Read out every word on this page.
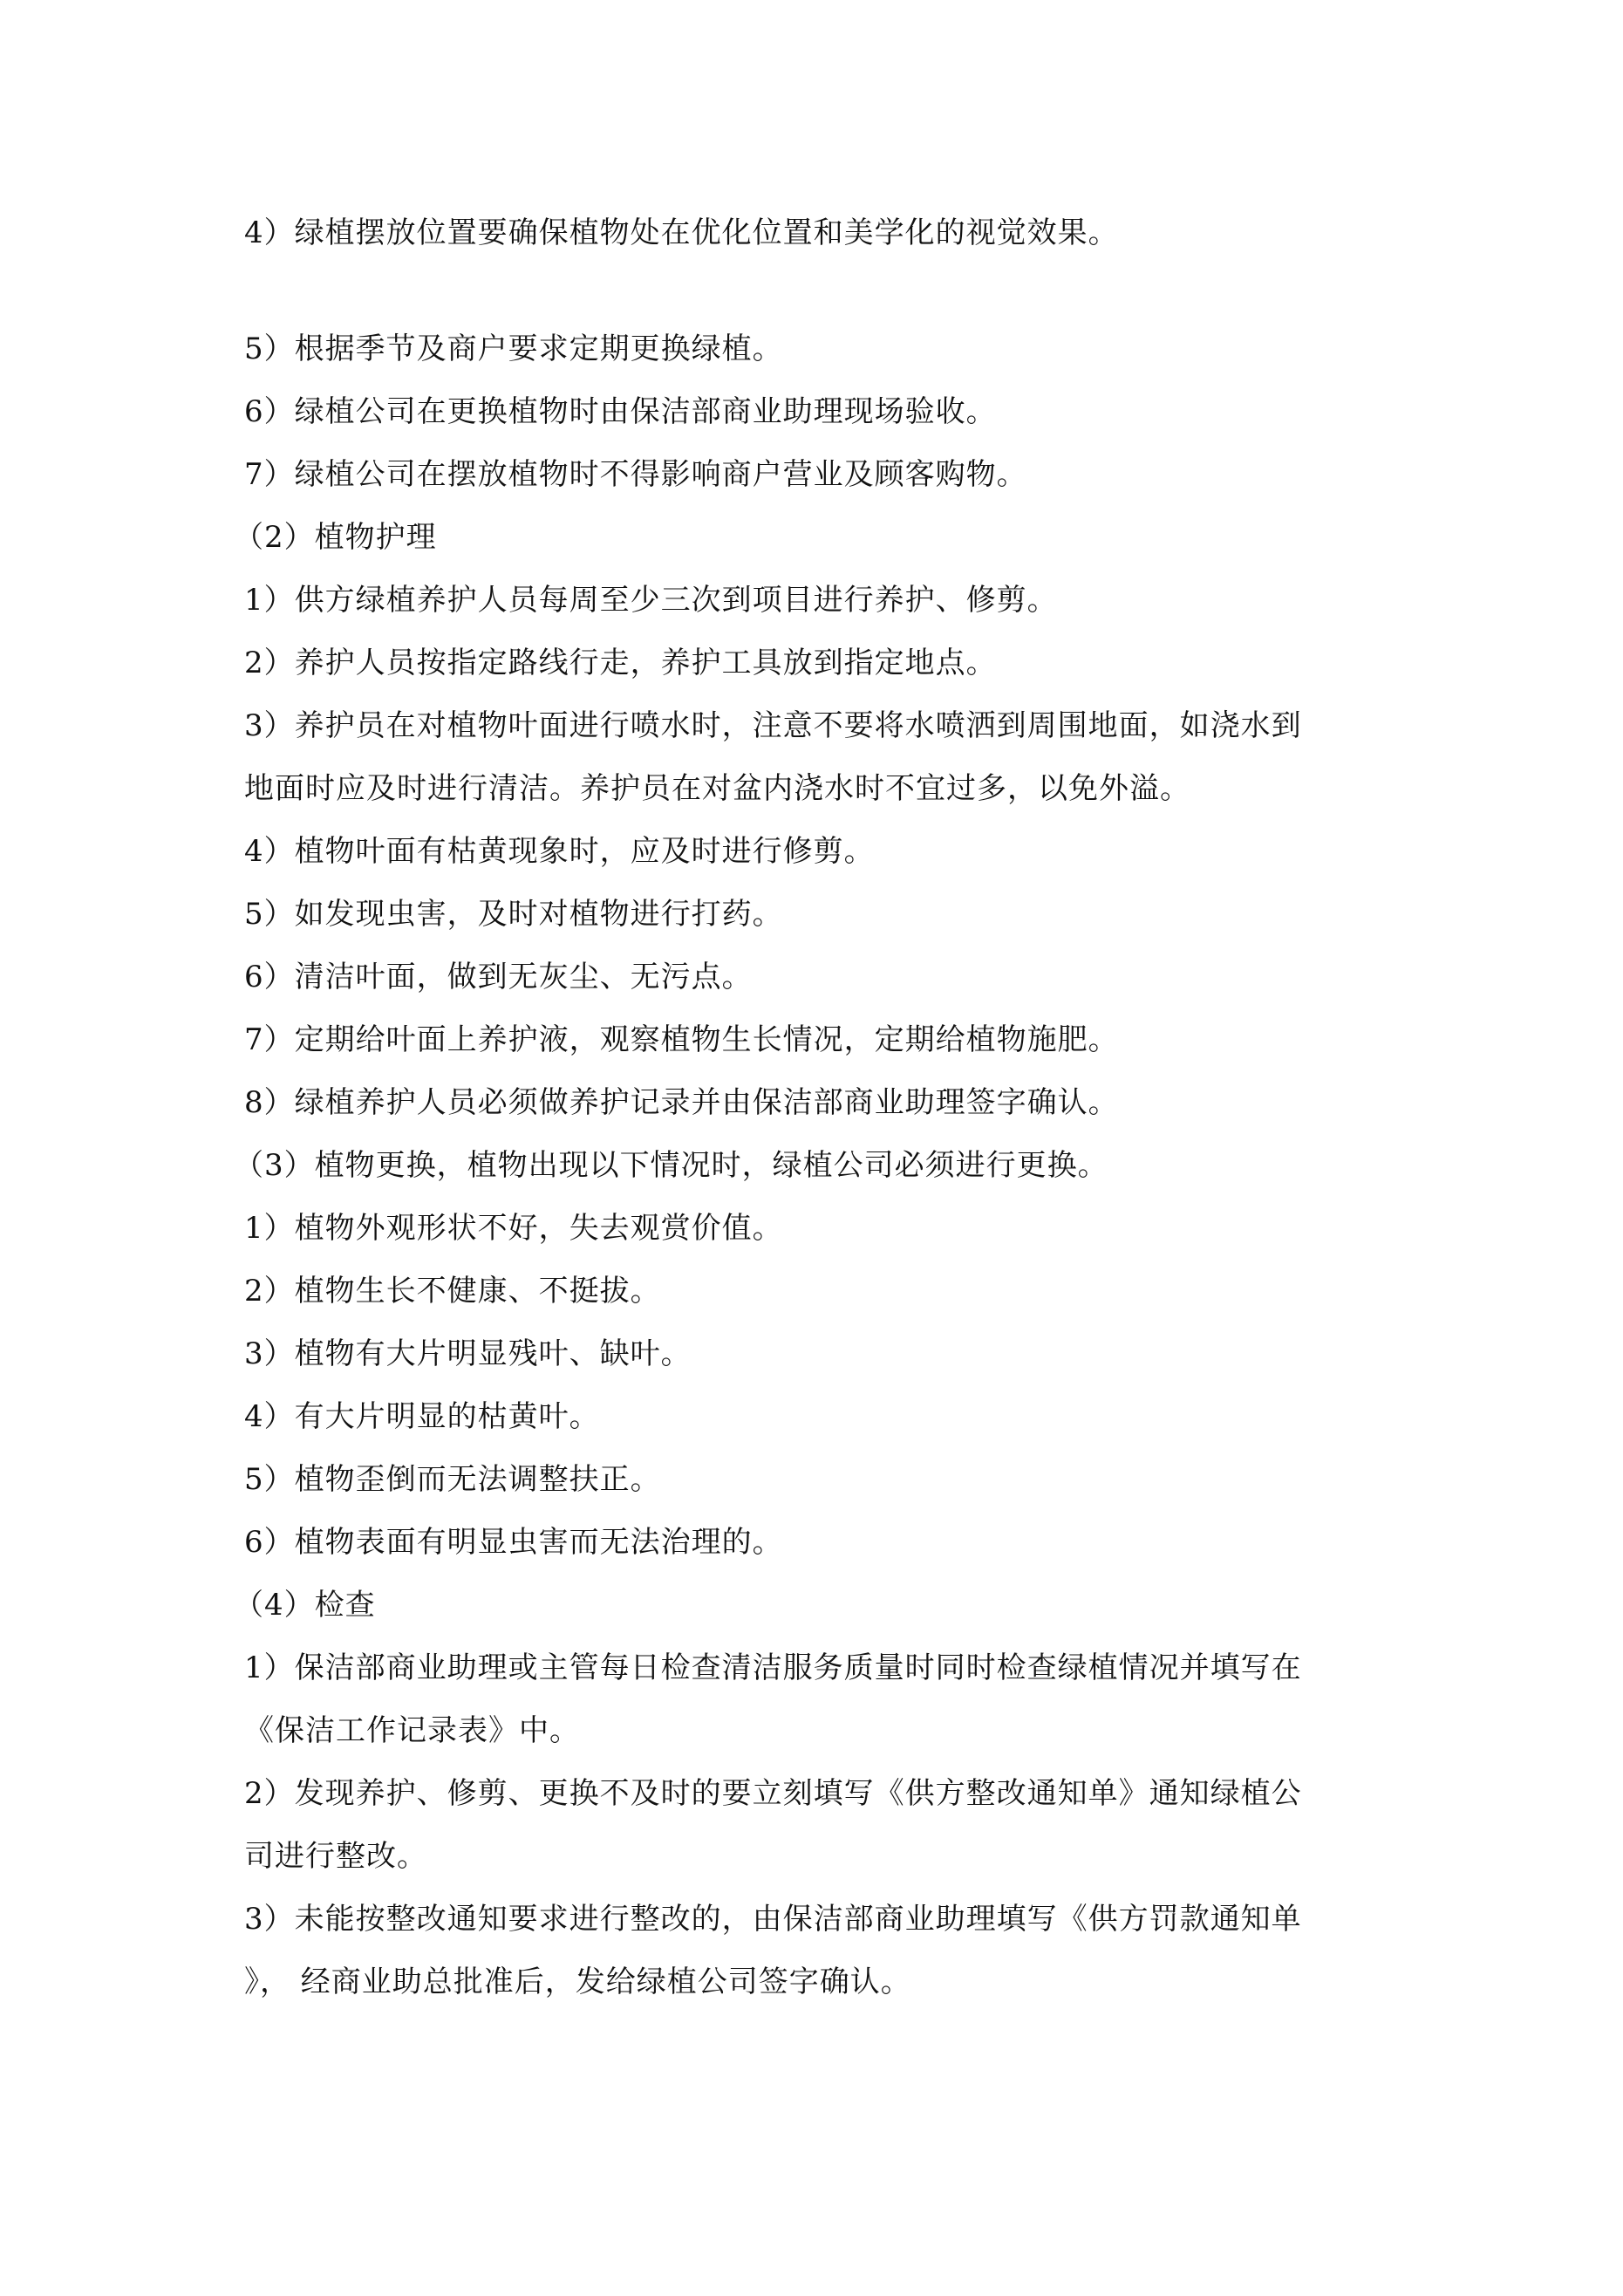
4）绿植摆放位置要确保植物处在优化位置和美学化的视觉效果。
5）根据季节及商户要求定期更换绿植。
6）绿植公司在更换植物时由保洁部商业助理现场验收。
7）绿植公司在摆放植物时不得影响商户营业及顾客购物。
（2）植物护理
1）供方绿植养护人员每周至少三次到项目进行养护、修剪。
2）养护人员按指定路线行走，养护工具放到指定地点。
3）养护员在对植物叶面进行喷水时，注意不要将水喷洒到周围地面，如浇水到
地面时应及时进行清洁。养护员在对盆内浇水时不宜过多，以免外溢。
4）植物叶面有枯黄现象时，应及时进行修剪。
5）如发现虫害，及时对植物进行打药。
6）清洁叶面，做到无灰尘、无污点。
7）定期给叶面上养护液，观察植物生长情况，定期给植物施肥。
8）绿植养护人员必须做养护记录并由保洁部商业助理签字确认。
（3）植物更换，植物出现以下情况时，绿植公司必须进行更换。
1）植物外观形状不好，失去观赏价值。
2）植物生长不健康、不挺拔。
3）植物有大片明显残叶、缺叶。
4）有大片明显的枯黄叶。
5）植物歪倒而无法调整扶正。
6）植物表面有明显虫害而无法治理的。
（4）检查
1）保洁部商业助理或主管每日检查清洁服务质量时同时检查绿植情况并填写在
《保洁工作记录表》中。
2）发现养护、修剪、更换不及时的要立刻填写《供方整改通知单》通知绿植公
司进行整改。
3）未能按整改通知要求进行整改的，由保洁部商业助理填写《供方罚款通知单
》， 经商业助总批准后，发给绿植公司签字确认。
